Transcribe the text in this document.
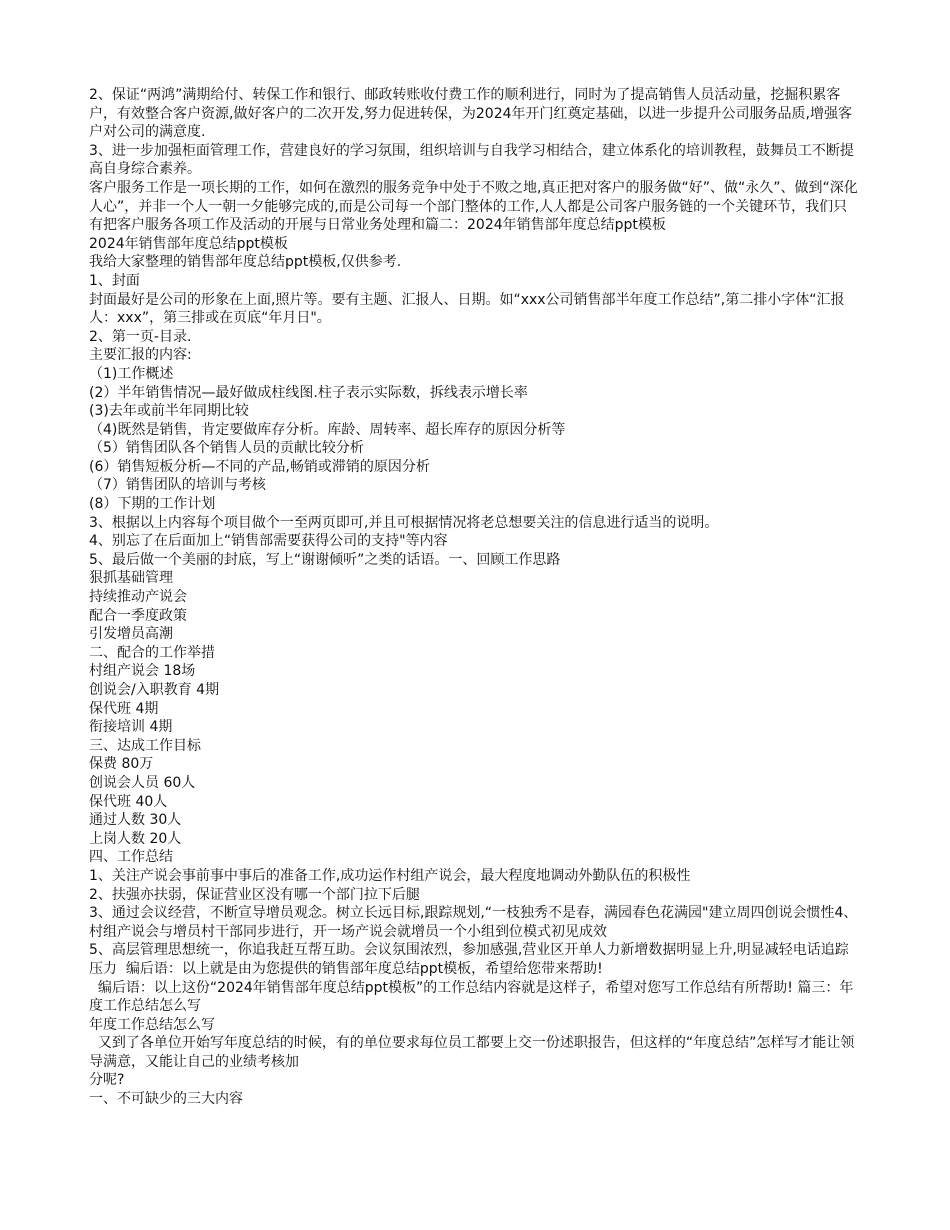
2、保证“两鸿”满期给付、转保工作和银行、邮政转账收付费工作的顺利进行，同时为了提高销售人员活动量，挖掘积累客户，有效整合客户资源,做好客户的二次开发,努力促进转保，为2024年开门红奠定基础，以进一步提升公司服务品质,增强客户对公司的满意度.

3、进一步加强柜面管理工作，营建良好的学习氛围，组织培训与自我学习相结合，建立体系化的培训教程，鼓舞员工不断提高自身综合素养。

客户服务工作是一项长期的工作，如何在激烈的服务竞争中处于不败之地,真正把对客户的服务做“好”、做“永久”、做到“深化人心”，并非一个人一朝一夕能够完成的,而是公司每一个部门整体的工作,人人都是公司客户服务链的一个关键环节，我们只有把客户服务各项工作及活动的开展与日常业务处理和篇二：2024年销售部年度总结ppt模板

2024年销售部年度总结ppt模板

我给大家整理的销售部年度总结ppt模板,仅供参考.

1、封面

封面最好是公司的形象在上面,照片等。要有主题、汇报人、日期。如“xxx公司销售部半年度工作总结”,第二排小字体“汇报人：xxx”，第三排或在页底“年月日"。

2、第一页-目录.

主要汇报的内容:

（1)工作概述

(2）半年销售情况—最好做成柱线图.柱子表示实际数，拆线表示增长率

(3)去年或前半年同期比较

（4)既然是销售，肯定要做库存分析。库龄、周转率、超长库存的原因分析等

（5）销售团队各个销售人员的贡献比较分析

(6）销售短板分析—不同的产品,畅销或滞销的原因分析

（7）销售团队的培训与考核

(8）下期的工作计划

3、根据以上内容每个项目做个一至两页即可,并且可根据情况将老总想要关注的信息进行适当的说明。

4、别忘了在后面加上“销售部需要获得公司的支持"等内容

5、最后做一个美丽的封底，写上“谢谢倾听”之类的话语。一、回顾工作思路

狠抓基础管理

持续推动产说会

配合一季度政策

引发增员高潮

二、配合的工作举措

村组产说会 18场

创说会/入职教育 4期

保代班 4期

衔接培训 4期

三、达成工作目标

保费 80万

创说会人员 60人

保代班 40人

通过人数 30人

上岗人数 20人

四、工作总结

1、关注产说会事前事中事后的准备工作,成功运作村组产说会，最大程度地调动外勤队伍的积极性

2、扶强亦扶弱，保证营业区没有哪一个部门拉下后腿

3、通过会议经营，不断宣导增员观念。树立长远目标,跟踪规划,“一枝独秀不是春，满园春色花满园"建立周四创说会惯性4、村组产说会与增员村干部同步进行，开一场产说会就增员一个小组到位模式初见成效

5、高层管理思想统一，你追我赶互帮互助。会议氛围浓烈，参加感强,营业区开单人力新增数据明显上升,明显减轻电话追踪压力  编后语：以上就是由为您提供的销售部年度总结ppt模板，希望给您带来帮助!

编后语：以上这份“2024年销售部年度总结ppt模板”的工作总结内容就是这样子，希望对您写工作总结有所帮助! 篇三：年度工作总结怎么写

年度工作总结怎么写

又到了各单位开始写年度总结的时候，有的单位要求每位员工都要上交一份述职报告，但这样的“年度总结”怎样写才能让领导满意，又能让自己的业绩考核加

分呢?

一、不可缺少的三大内容
